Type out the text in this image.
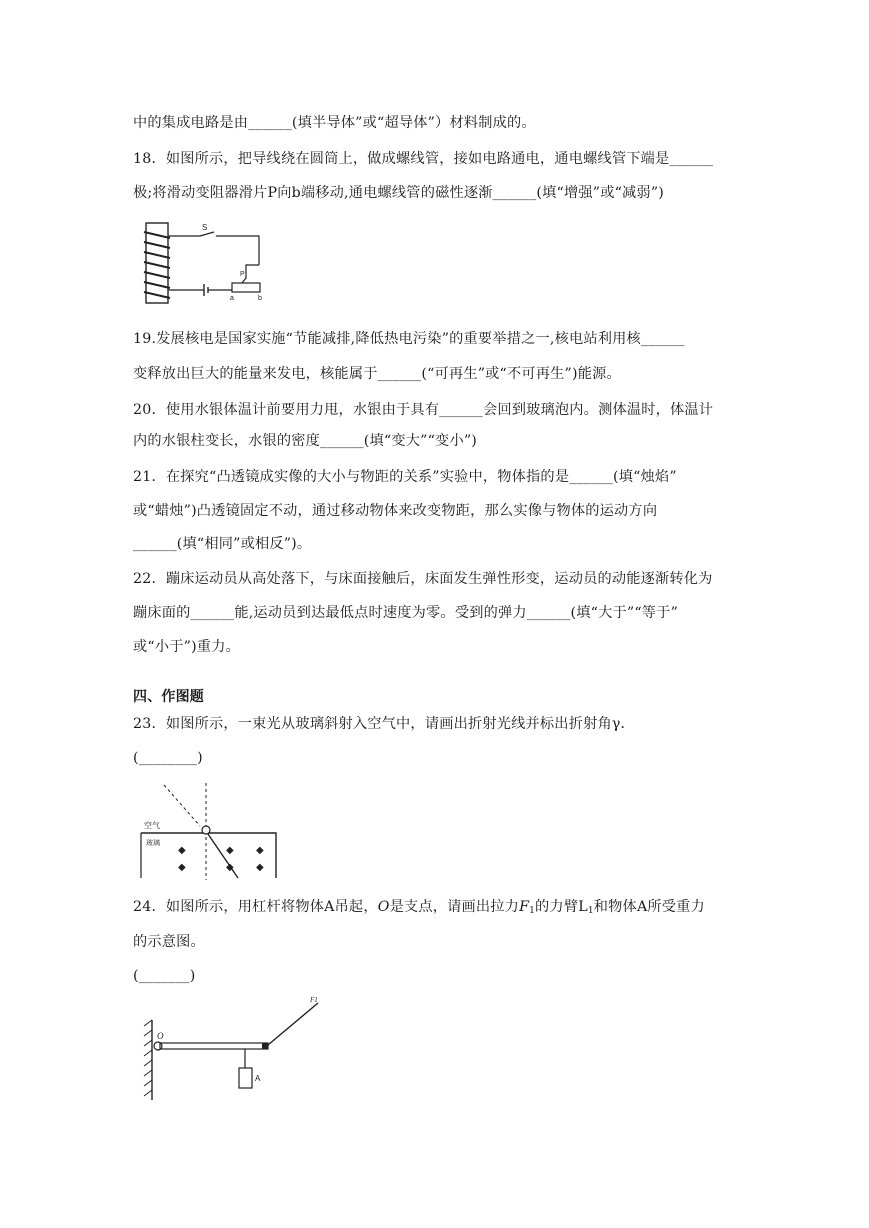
中的集成电路是由______(填半导体”或“超导体”）材料制成的。
18．如图所示，把导线绕在圆筒上，做成螺线管，接如电路通电，通电螺线管下端是______
极;将滑动变阻器滑片P向b端移动,通电螺线管的磁性逐渐______(填“增强”或“减弱”)
S
P
a	b
19.发展核电是国家实施“节能减排,降低热电污染”的重要举措之一,核电站利用核______
变释放出巨大的能量来发电，核能属于______(“可再生”或“不可再生”)能源。
20．使用水银体温计前要用力甩，水银由于具有______会回到玻璃泡内。测体温时，体温计
内的水银柱变长，水银的密度______(填“变大”“变小”)
21．在探究“凸透镜成实像的大小与物距的关系”实验中，物体指的是______(填“烛焰”
或“蜡烛”)凸透镜固定不动，通过移动物体来改变物距，那么实像与物体的运动方向
______(填“相同”或相反”)。
22．蹦床运动员从高处落下，与床面接触后，床面发生弹性形变，运动员的动能逐渐转化为
蹦床面的______能,运动员到达最低点时速度为零。受到的弹力______(填“大于”“等于”
或“小于”)重力。
四、作图题
23．如图所示，一束光从玻璃斜射入空气中，请画出折射光线并标出折射角γ．
(________)
空气
玻璃
◆
◆
◆
◆
◆
◆
24．如图所示，用杠杆将物体A吊起，O是支点，请画出拉力$F_1$的力臂$L_1$和物体A所受重力
的示意图。
(_______)
O
F1
A
